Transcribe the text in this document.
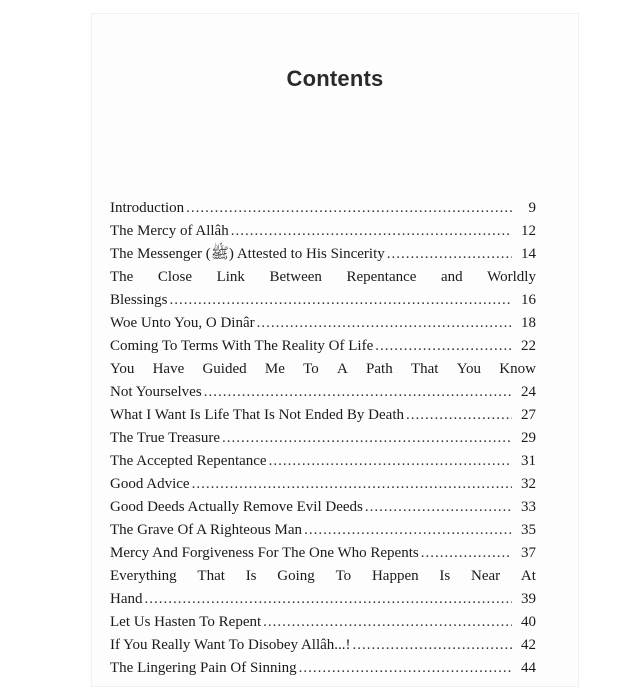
Contents
Introduction .....	9
The Mercy of Allâh .....	12
The Messenger (ﷺ) Attested to His Sincerity .....	14
The Close Link Between Repentance and Worldly
Blessings .....	16
Woe Unto You, O Dinâr .....	18
Coming To Terms With The Reality Of Life .....	22
You Have Guided Me To A Path That You Know
Not Yourselves .....	24
What I Want Is Life That Is Not Ended By Death .....	27
The True Treasure .....	29
The Accepted Repentance .....	31
Good Advice .....	32
Good Deeds Actually Remove Evil Deeds .....	33
The Grave Of A Righteous Man .....	35
Mercy And Forgiveness For The One Who Repents .....	37
Everything That Is Going To Happen Is Near At
Hand .....	39
Let Us Hasten To Repent .....	40
If You Really Want To Disobey Allâh...! .....	42
The Lingering Pain Of Sinning .....	44
